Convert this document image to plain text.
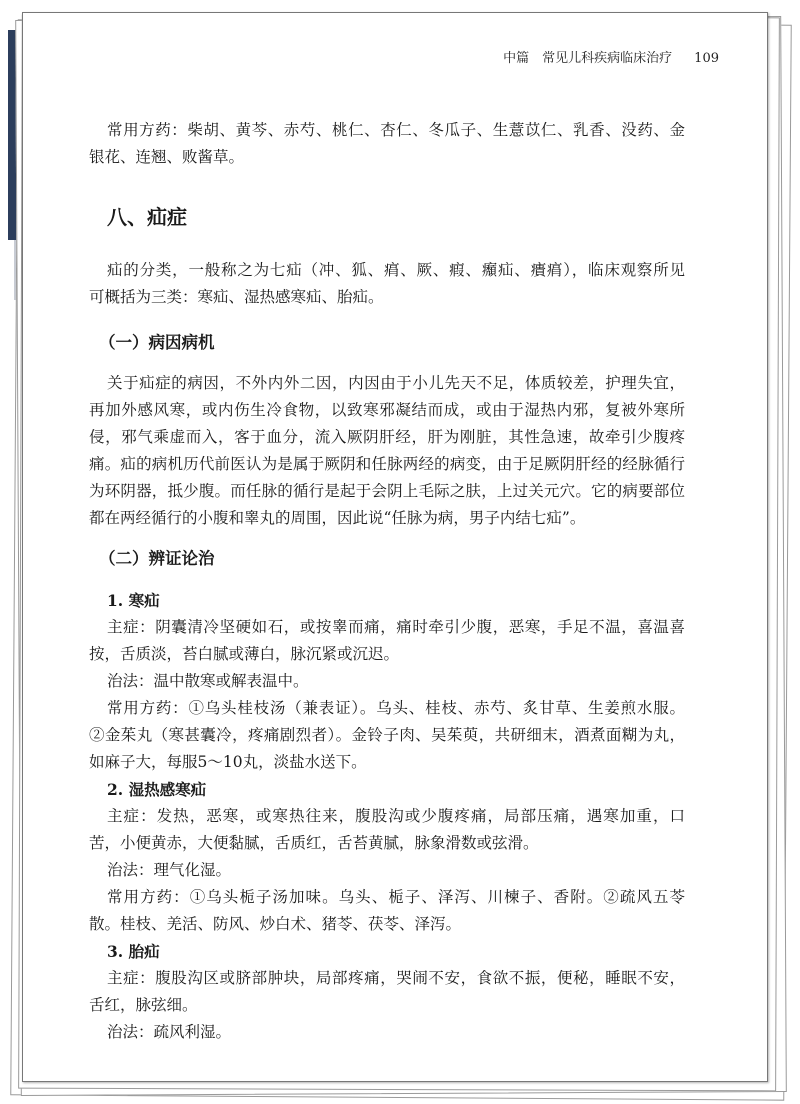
中篇　常见儿科疾病临床治疗 109
常用方药：柴胡、黄芩、赤芍、桃仁、杏仁、冬瓜子、生薏苡仁、乳香、没药、金
银花、连翘、败酱草。
八、疝症
疝的分类，一般称之为七疝（冲、狐、㾓、厥、瘕、㿗疝、㿉㾓），临床观察所见
可概括为三类：寒疝、湿热感寒疝、胎疝。
（一）病因病机
关于疝症的病因，不外内外二因，内因由于小儿先天不足，体质较差，护理失宜，
再加外感风寒，或内伤生冷食物，以致寒邪凝结而成，或由于湿热内邪，复被外寒所
侵，邪气乘虚而入，客于血分，流入厥阴肝经，肝为刚脏，其性急速，故牵引少腹疼
痛。疝的病机历代前医认为是属于厥阴和任脉两经的病变，由于足厥阴肝经的经脉循行
为环阴器，抵少腹。而任脉的循行是起于会阴上毛际之肤，上过关元穴。它的病要部位
都在两经循行的小腹和睾丸的周围，因此说“任脉为病，男子内结七疝”。
（二）辨证论治
1. 寒疝
主症：阴囊清冷坚硬如石，或按睾而痛，痛时牵引少腹，恶寒，手足不温，喜温喜
按，舌质淡，苔白腻或薄白，脉沉紧或沉迟。
治法：温中散寒或解表温中。
常用方药：①乌头桂枝汤（兼表证）。乌头、桂枝、赤芍、炙甘草、生姜煎水服。
②金茱丸（寒甚囊冷，疼痛剧烈者）。金铃子肉、吴茱萸，共研细末，酒煮面糊为丸，
如麻子大，每服5～10丸，淡盐水送下。
2. 湿热感寒疝
主症：发热，恶寒，或寒热往来，腹股沟或少腹疼痛，局部压痛，遇寒加重，口
苦，小便黄赤，大便黏腻，舌质红，舌苔黄腻，脉象滑数或弦滑。
治法：理气化湿。
常用方药：①乌头栀子汤加味。乌头、栀子、泽泻、川楝子、香附。②疏风五苓
散。桂枝、羌活、防风、炒白术、猪苓、茯苓、泽泻。
3. 胎疝
主症：腹股沟区或脐部肿块，局部疼痛，哭闹不安，食欲不振，便秘，睡眠不安，
舌红，脉弦细。
治法：疏风利湿。
